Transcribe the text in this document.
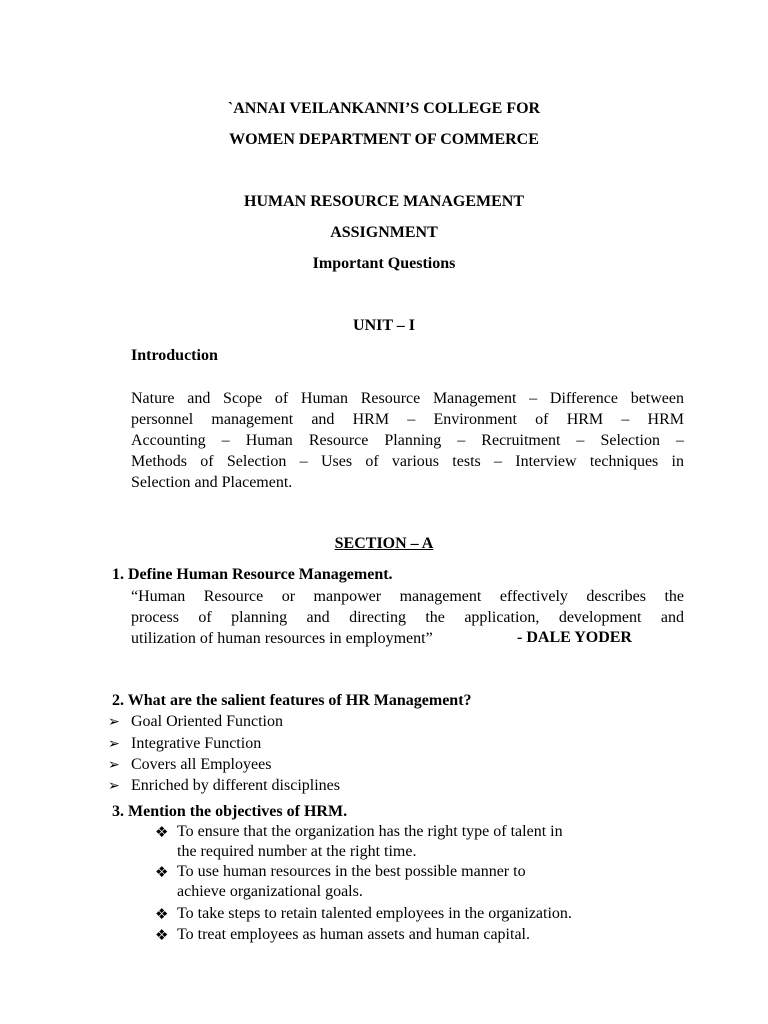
`ANNAI VEILANKANNI’S COLLEGE FOR
WOMEN DEPARTMENT OF COMMERCE
HUMAN RESOURCE MANAGEMENT
ASSIGNMENT
Important Questions
UNIT – I
Introduction
Nature and Scope of Human Resource Management – Difference between
personnel management and HRM – Environment of HRM – HRM
Accounting – Human Resource Planning – Recruitment – Selection –
Methods of Selection – Uses of various tests – Interview techniques in
Selection and Placement.
SECTION – A
1. Define Human Resource Management.
“Human Resource or manpower management effectively describes the
process of planning and directing the application, development and
utilization of human resources in employment”	- DALE YODER
2. What are the salient features of HR Management?
➢ Goal Oriented Function
➢ Integrative Function
➢ Covers all Employees
➢ Enriched by different disciplines
3. Mention the objectives of HRM.
❖ To ensure that the organization has the right type of talent in
the required number at the right time.
❖ To use human resources in the best possible manner to
achieve organizational goals.
❖ To take steps to retain talented employees in the organization.
❖ To treat employees as human assets and human capital.
